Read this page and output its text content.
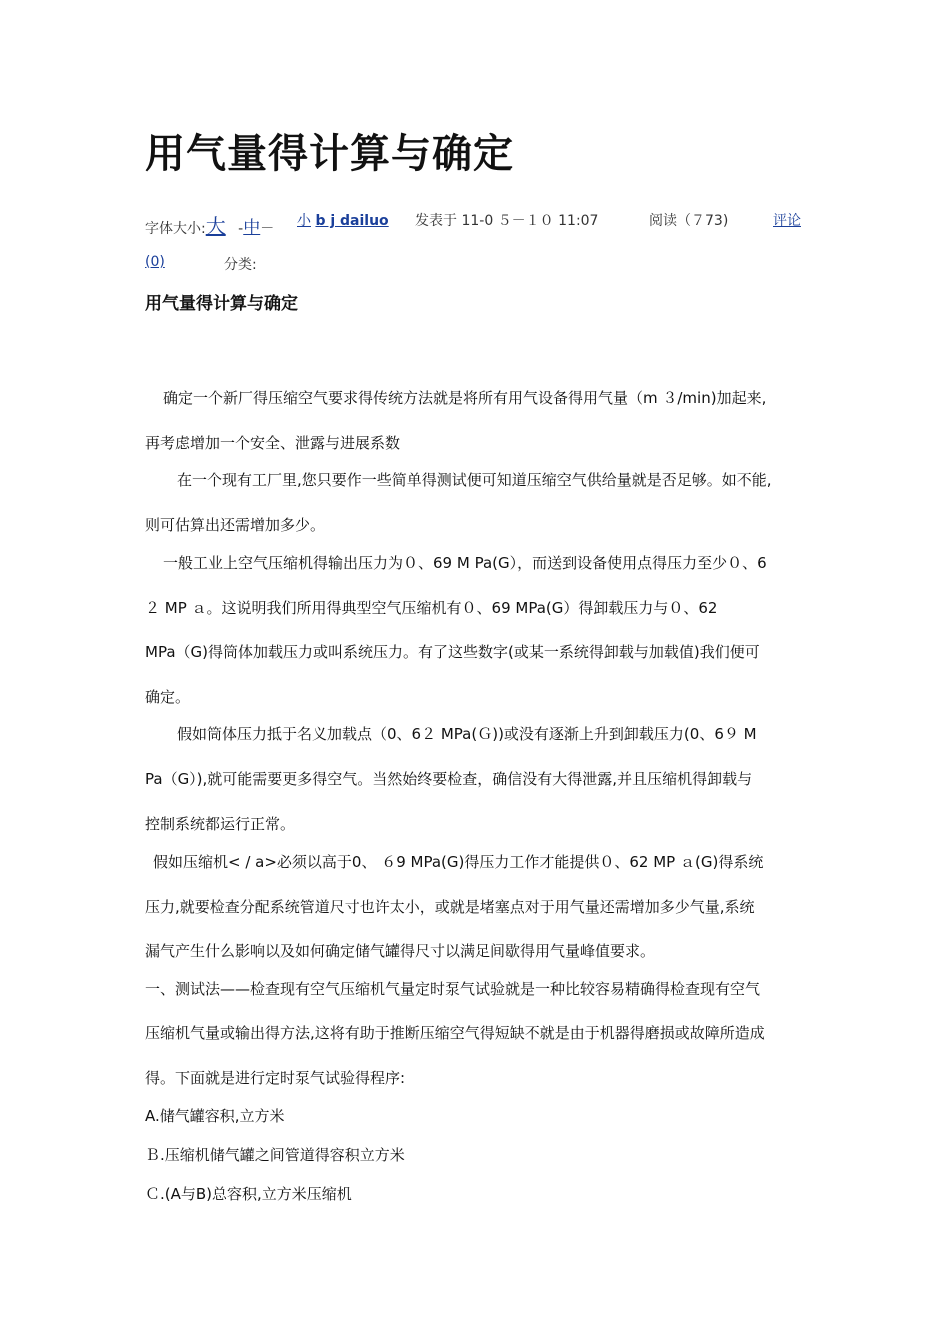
用气量得计算与确定
字体大小:大 -中－ 小 b j dailuo 发表于 11-0 ５－１０ 11:07	阅读（７73)	评论
(0)	分类:
用气量得计算与确定
确定一个新厂得压缩空气要求得传统方法就是将所有用气设备得用气量（m ３/min)加起来,
再考虑增加一个安全、泄露与进展系数
在一个现有工厂里,您只要作一些简单得测试便可知道压缩空气供给量就是否足够。如不能,
则可估算出还需增加多少。
一般工业上空气压缩机得输出压力为０、69 M Pa(G），而送到设备使用点得压力至少０、6
２ MP ａ。这说明我们所用得典型空气压缩机有０、69 MPa(G）得卸载压力与０、62
MPa（G)得筒体加载压力或叫系统压力。有了这些数字(或某一系统得卸载与加载值)我们便可
确定。
假如筒体压力抵于名义加载点（0、6２ MPa(Ｇ))或没有逐渐上升到卸载压力(0、6９ M
Pa（G）),就可能需要更多得空气。当然始终要检查，确信没有大得泄露,并且压缩机得卸载与
控制系统都运行正常。
假如压缩机< / a>必须以高于0、 ６9 MPa(G)得压力工作才能提供０、62 MP ａ(G)得系统
压力,就要检查分配系统管道尺寸也许太小，或就是堵塞点对于用气量还需增加多少气量,系统
漏气产生什么影响以及如何确定储气罐得尺寸以满足间歇得用气量峰值要求。
一、测试法——检查现有空气压缩机气量定时泵气试验就是一种比较容易精确得检查现有空气
压缩机气量或输出得方法,这将有助于推断压缩空气得短缺不就是由于机器得磨损或故障所造成
得。下面就是进行定时泵气试验得程序:
A.储气罐容积,立方米
Ｂ.压缩机储气罐之间管道得容积立方米
Ｃ.(A与B)总容积,立方米压缩机
